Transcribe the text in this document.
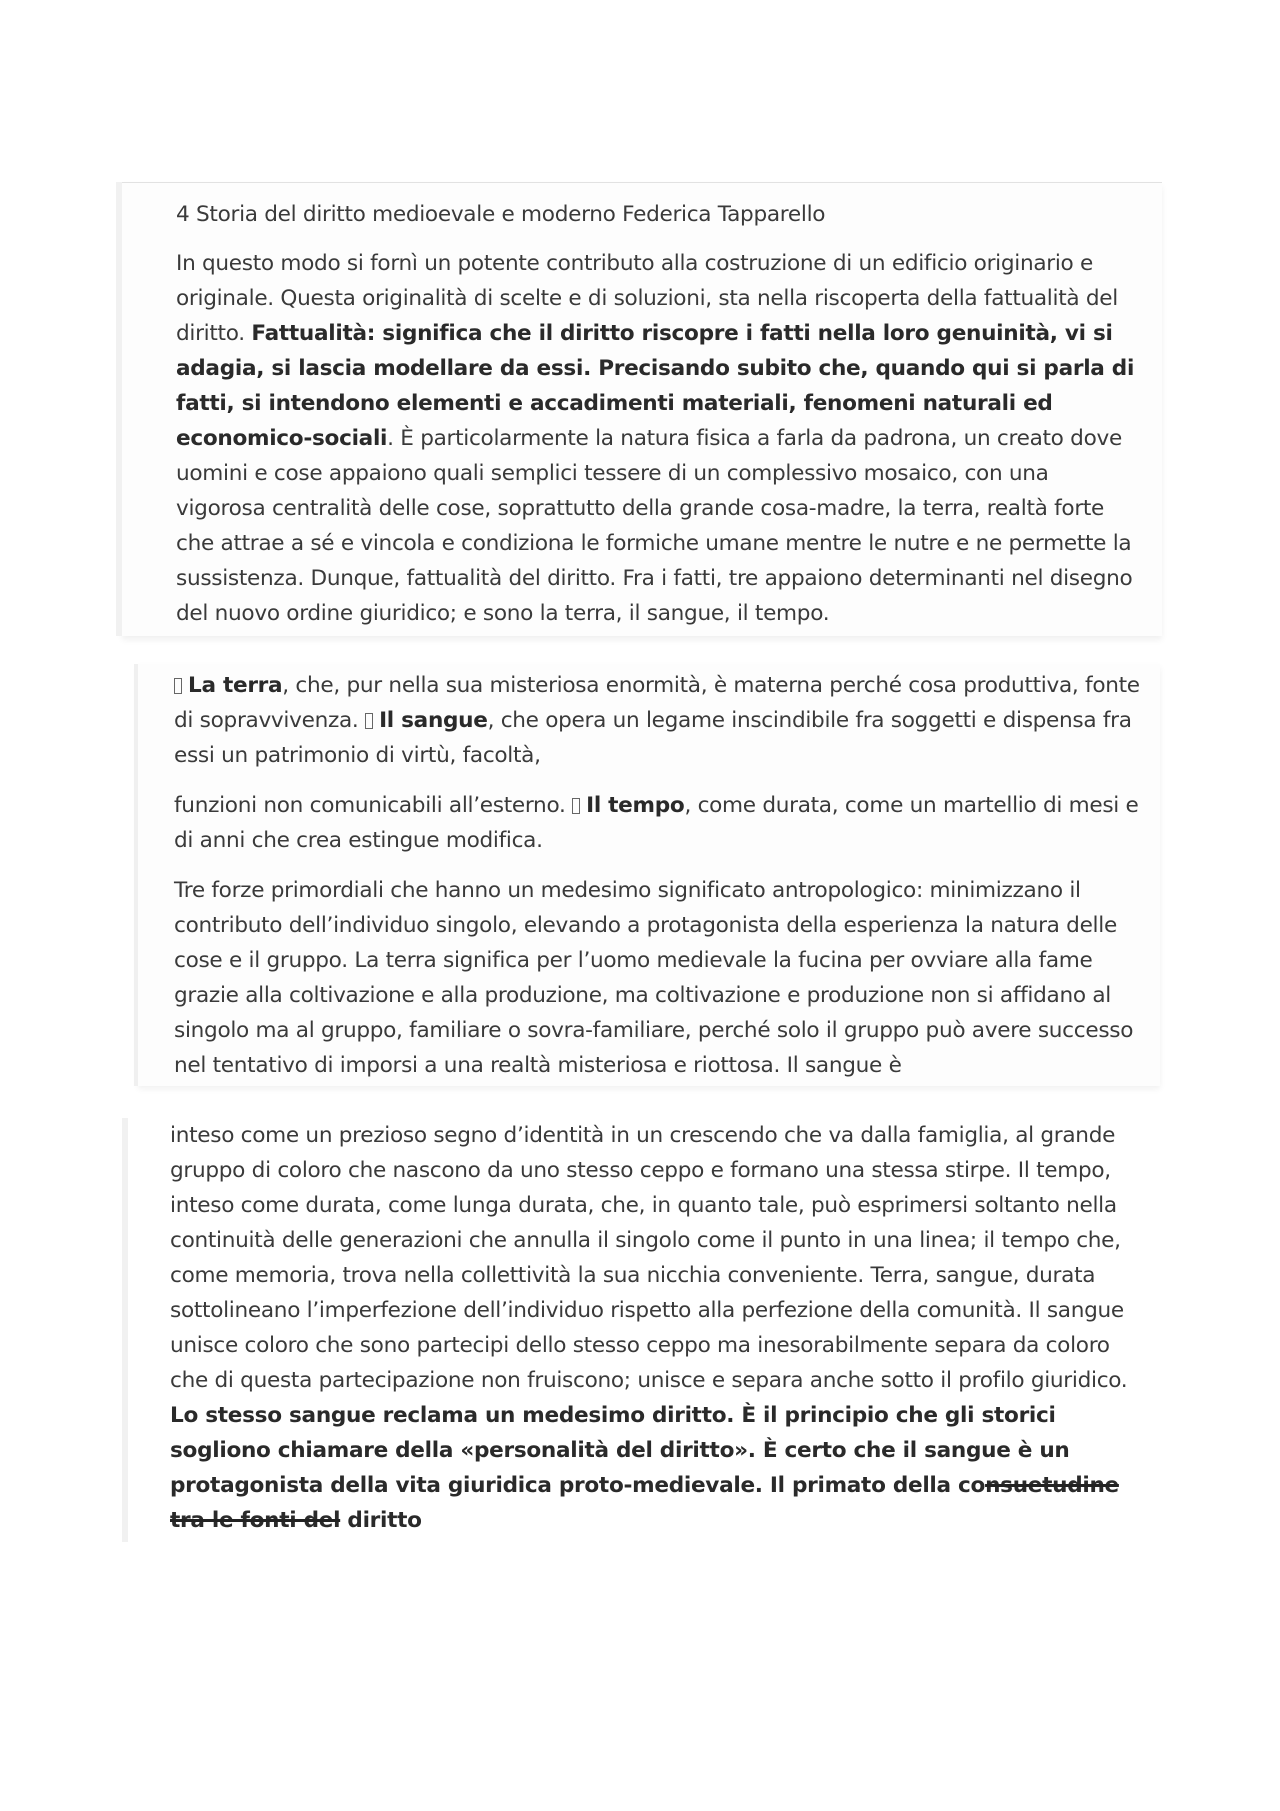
4 Storia del diritto medioevale e moderno Federica Tapparello

In questo modo si fornì un potente contributo alla costruzione di un edificio originario e originale. Questa originalità di scelte e di soluzioni, sta nella riscoperta della fattualità del diritto. Fattualità: significa che il diritto riscopre i fatti nella loro genuinità, vi si adagia, si lascia modellare da essi. Precisando subito che, quando qui si parla di fatti, si intendono elementi e accadimenti materiali, fenomeni naturali ed economico-sociali. È particolarmente la natura fisica a farla da padrona, un creato dove uomini e cose appaiono quali semplici tessere di un complessivo mosaico, con una vigorosa centralità delle cose, soprattutto della grande cosa-madre, la terra, realtà forte che attrae a sé e vincola e condiziona le formiche umane mentre le nutre e ne permette la sussistenza. Dunque, fattualità del diritto. Fra i fatti, tre appaiono determinanti nel disegno del nuovo ordine giuridico; e sono la terra, il sangue, il tempo.

La terra, che, pur nella sua misteriosa enormità, è materna perché cosa produttiva, fonte di sopravvivenza. Il sangue, che opera un legame inscindibile fra soggetti e dispensa fra essi un patrimonio di virtù, facoltà,

funzioni non comunicabili all’esterno. Il tempo, come durata, come un martellio di mesi e di anni che crea estingue modifica.

Tre forze primordiali che hanno un medesimo significato antropologico: minimizzano il contributo dell’individuo singolo, elevando a protagonista della esperienza la natura delle cose e il gruppo. La terra significa per l’uomo medievale la fucina per ovviare alla fame grazie alla coltivazione e alla produzione, ma coltivazione e produzione non si affidano al singolo ma al gruppo, familiare o sovra-familiare, perché solo il gruppo può avere successo nel tentativo di imporsi a una realtà misteriosa e riottosa. Il sangue è

inteso come un prezioso segno d’identità in un crescendo che va dalla famiglia, al grande gruppo di coloro che nascono da uno stesso ceppo e formano una stessa stirpe. Il tempo, inteso come durata, come lunga durata, che, in quanto tale, può esprimersi soltanto nella continuità delle generazioni che annulla il singolo come il punto in una linea; il tempo che, come memoria, trova nella collettività la sua nicchia conveniente. Terra, sangue, durata sottolineano l’imperfezione dell’individuo rispetto alla perfezione della comunità. Il sangue unisce coloro che sono partecipi dello stesso ceppo ma inesorabilmente separa da coloro che di questa partecipazione non fruiscono; unisce e separa anche sotto il profilo giuridico. Lo stesso sangue reclama un medesimo diritto. È il principio che gli storici sogliono chiamare della «personalità del diritto». È certo che il sangue è un protagonista della vita giuridica proto-medievale. Il primato della consuetudine tra le fonti del diritto
